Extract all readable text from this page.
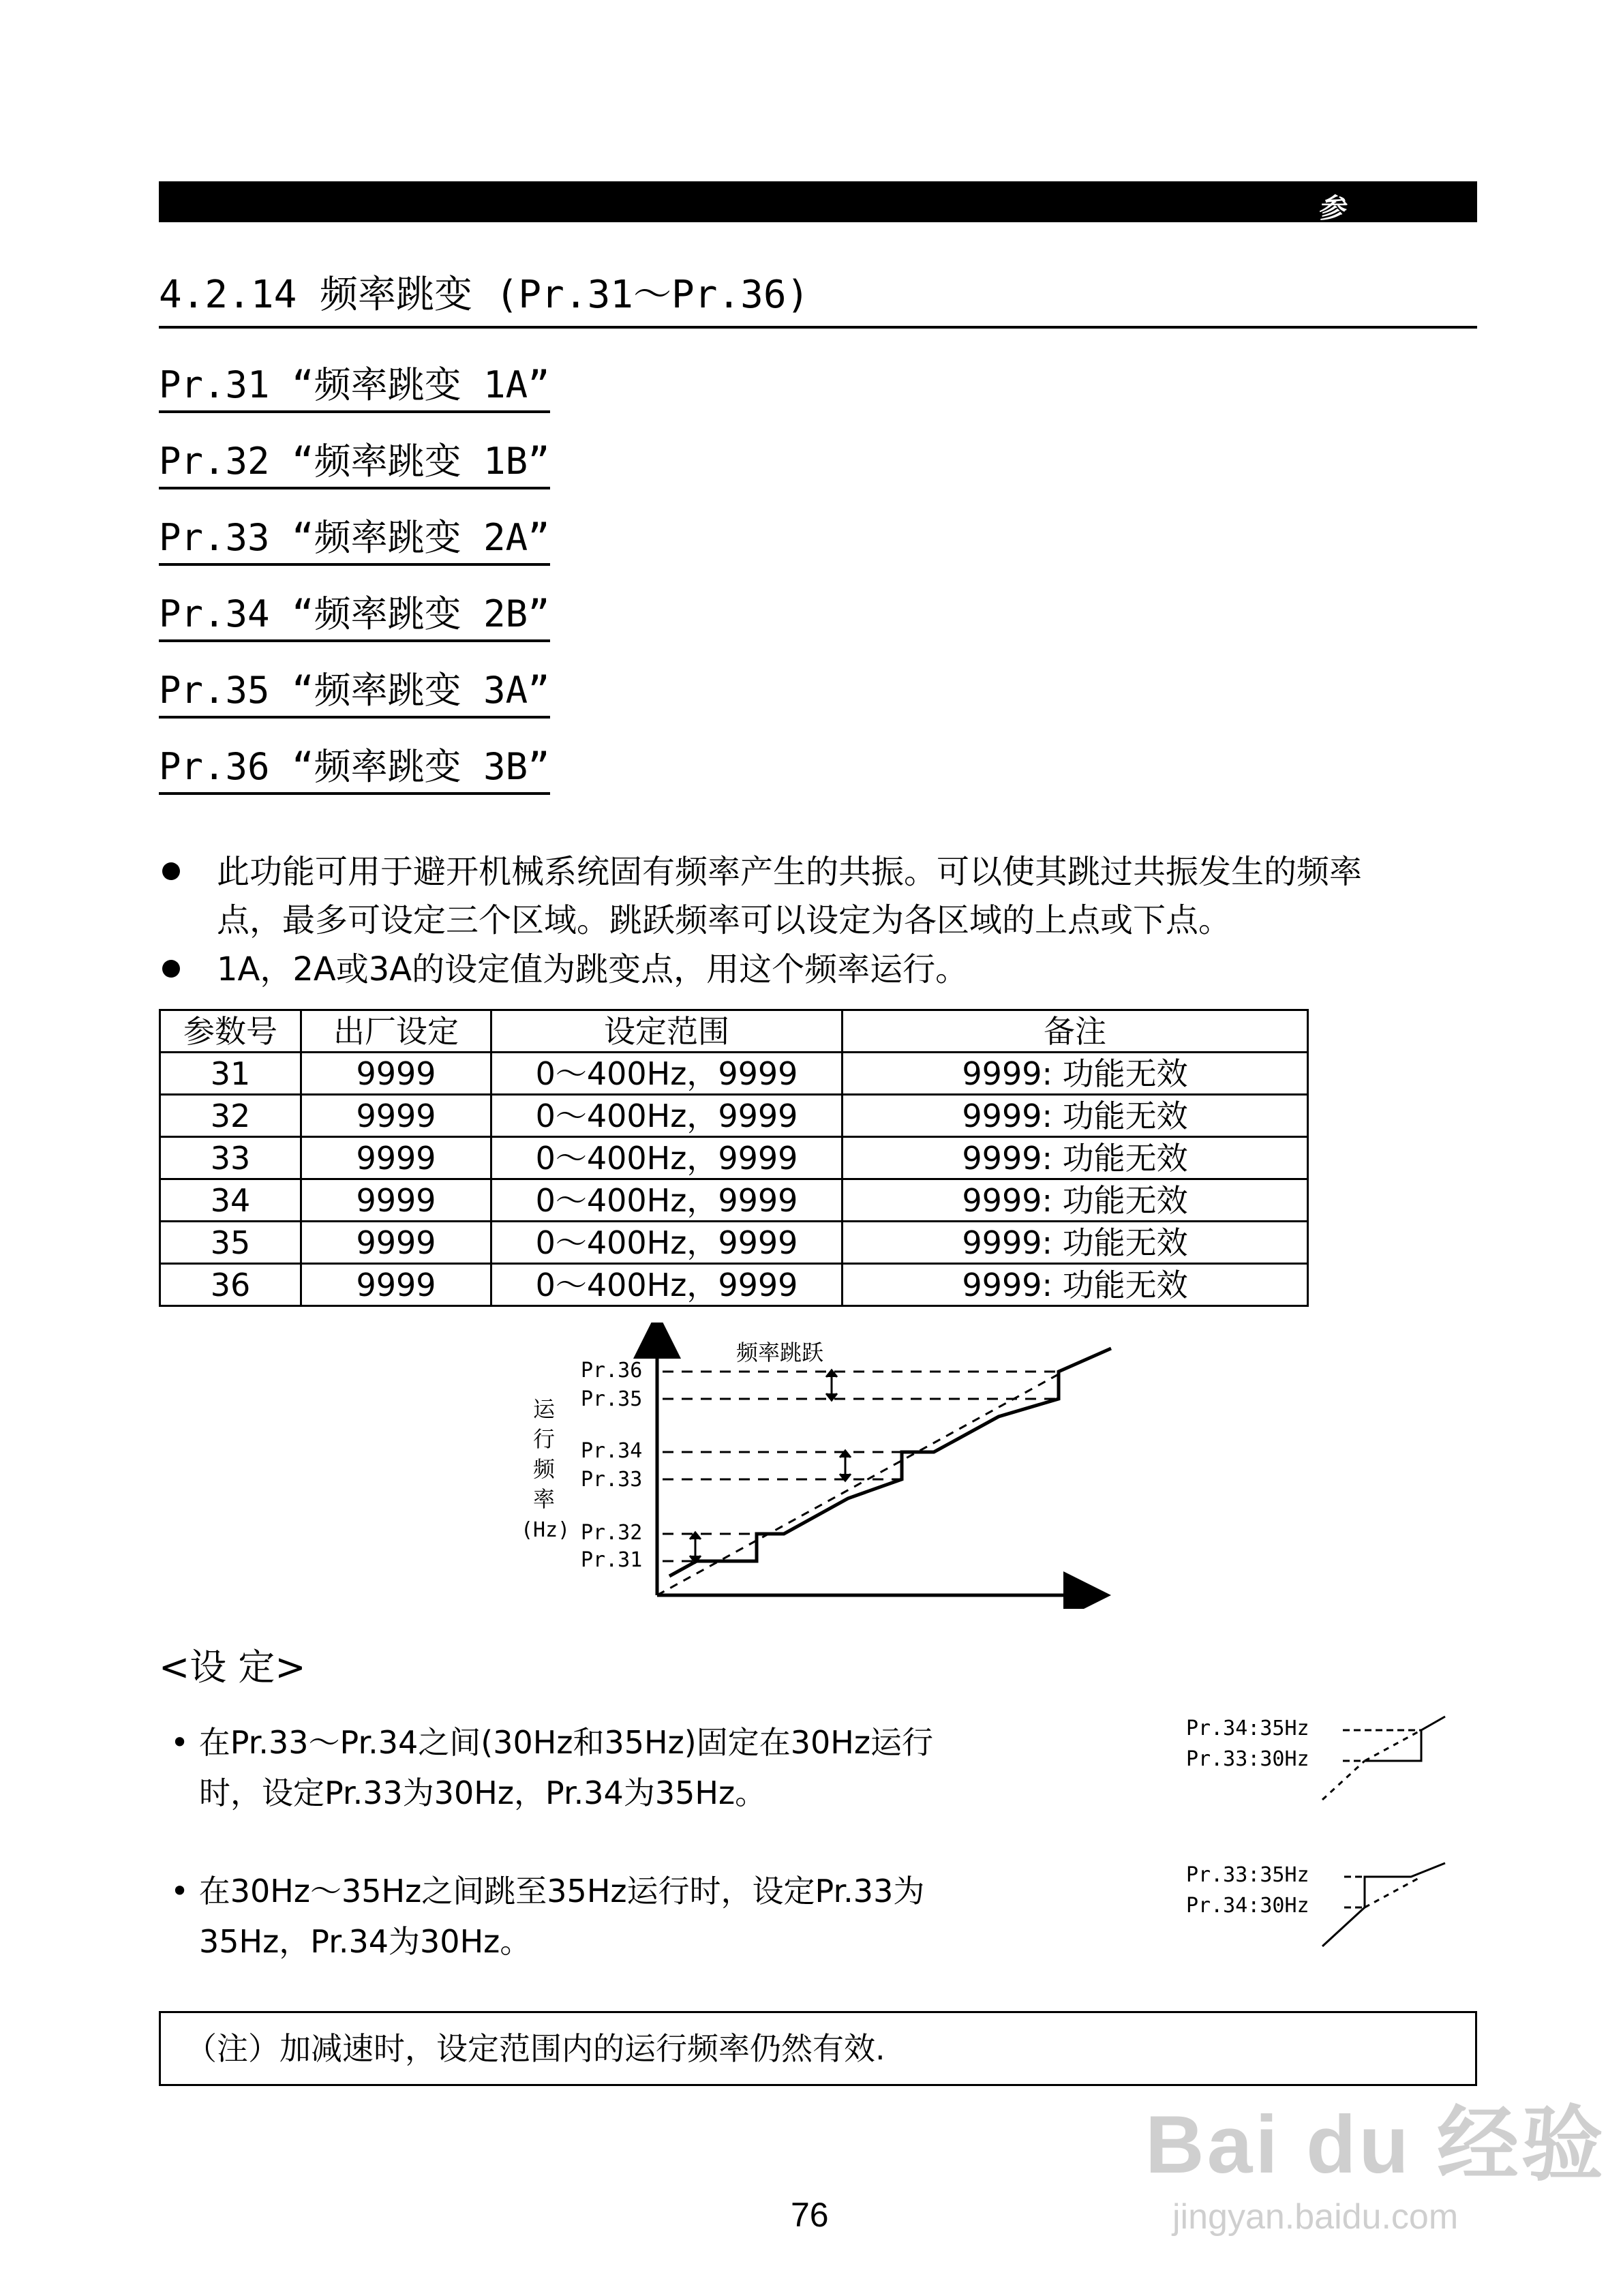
参	数
4.2.14 频率跳变 (Pr.31～Pr.36)
Pr.31 “频率跳变 1A”
Pr.32 “频率跳变 1B”
Pr.33 “频率跳变 2A”
Pr.34 “频率跳变 2B”
Pr.35 “频率跳变 3A”
Pr.36 “频率跳变 3B”
此功能可用于避开机械系统固有频率产生的共振。可以使其跳过共振发生的频率
点，最多可设定三个区域。跳跃频率可以设定为各区域的上点或下点。
1A，2A或3A的设定值为跳变点，用这个频率运行。
参数号	出厂设定	设定范围	备注
31	9999	0～400Hz，9999	9999: 功能无效
32	9999	0～400Hz，9999	9999: 功能无效
33	9999	0～400Hz，9999	9999: 功能无效
34	9999	0～400Hz，9999	9999: 功能无效
35	9999	0～400Hz，9999	9999: 功能无效
36	9999	0～400Hz，9999	9999: 功能无效
频率跳跃
运
行
频
率
(Hz)
Pr.36
Pr.35
Pr.34
Pr.33
Pr.32
Pr.31
<设 定>
• 在Pr.33～Pr.34之间(30Hz和35Hz)固定在30Hz运行
时，设定Pr.33为30Hz，Pr.34为35Hz。
• 在30Hz～35Hz之间跳至35Hz运行时，设定Pr.33为
35Hz，Pr.34为30Hz。
Pr.34:35Hz
Pr.33:30Hz
Pr.33:35Hz
Pr.34:30Hz
（注）加减速时，设定范围内的运行频率仍然有效.
Bai du 经验
jingyan.baidu.com
76
